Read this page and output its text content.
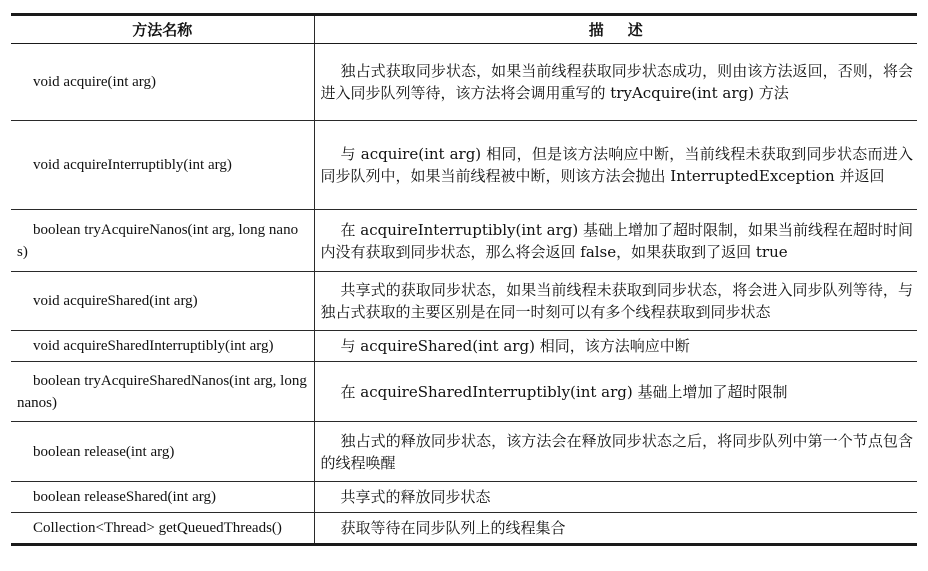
方法名称	描述
void acquire(int arg)	独占式获取同步状态，如果当前线程获取同步状态成功，则由该方法返回，否则，将会进入同步队列等待，该方法将会调用重写的 tryAcquire(int arg) 方法
void acquireInterruptibly(int arg)	与 acquire(int arg) 相同，但是该方法响应中断，当前线程未获取到同步状态而进入同步队列中，如果当前线程被中断，则该方法会抛出 InterruptedException 并返回
boolean tryAcquireNanos(int arg, long nanos)	在 acquireInterruptibly(int arg) 基础上增加了超时限制，如果当前线程在超时时间内没有获取到同步状态，那么将会返回 false，如果获取到了返回 true
void acquireShared(int arg)	共享式的获取同步状态，如果当前线程未获取到同步状态，将会进入同步队列等待，与独占式获取的主要区别是在同一时刻可以有多个线程获取到同步状态
void acquireSharedInterruptibly(int arg)	与 acquireShared(int arg) 相同，该方法响应中断
boolean tryAcquireSharedNanos(int arg, long nanos)	在 acquireSharedInterruptibly(int arg) 基础上增加了超时限制
boolean release(int arg)	独占式的释放同步状态，该方法会在释放同步状态之后，将同步队列中第一个节点包含的线程唤醒
boolean releaseShared(int arg)	共享式的释放同步状态
Collection<Thread> getQueuedThreads()	获取等待在同步队列上的线程集合
